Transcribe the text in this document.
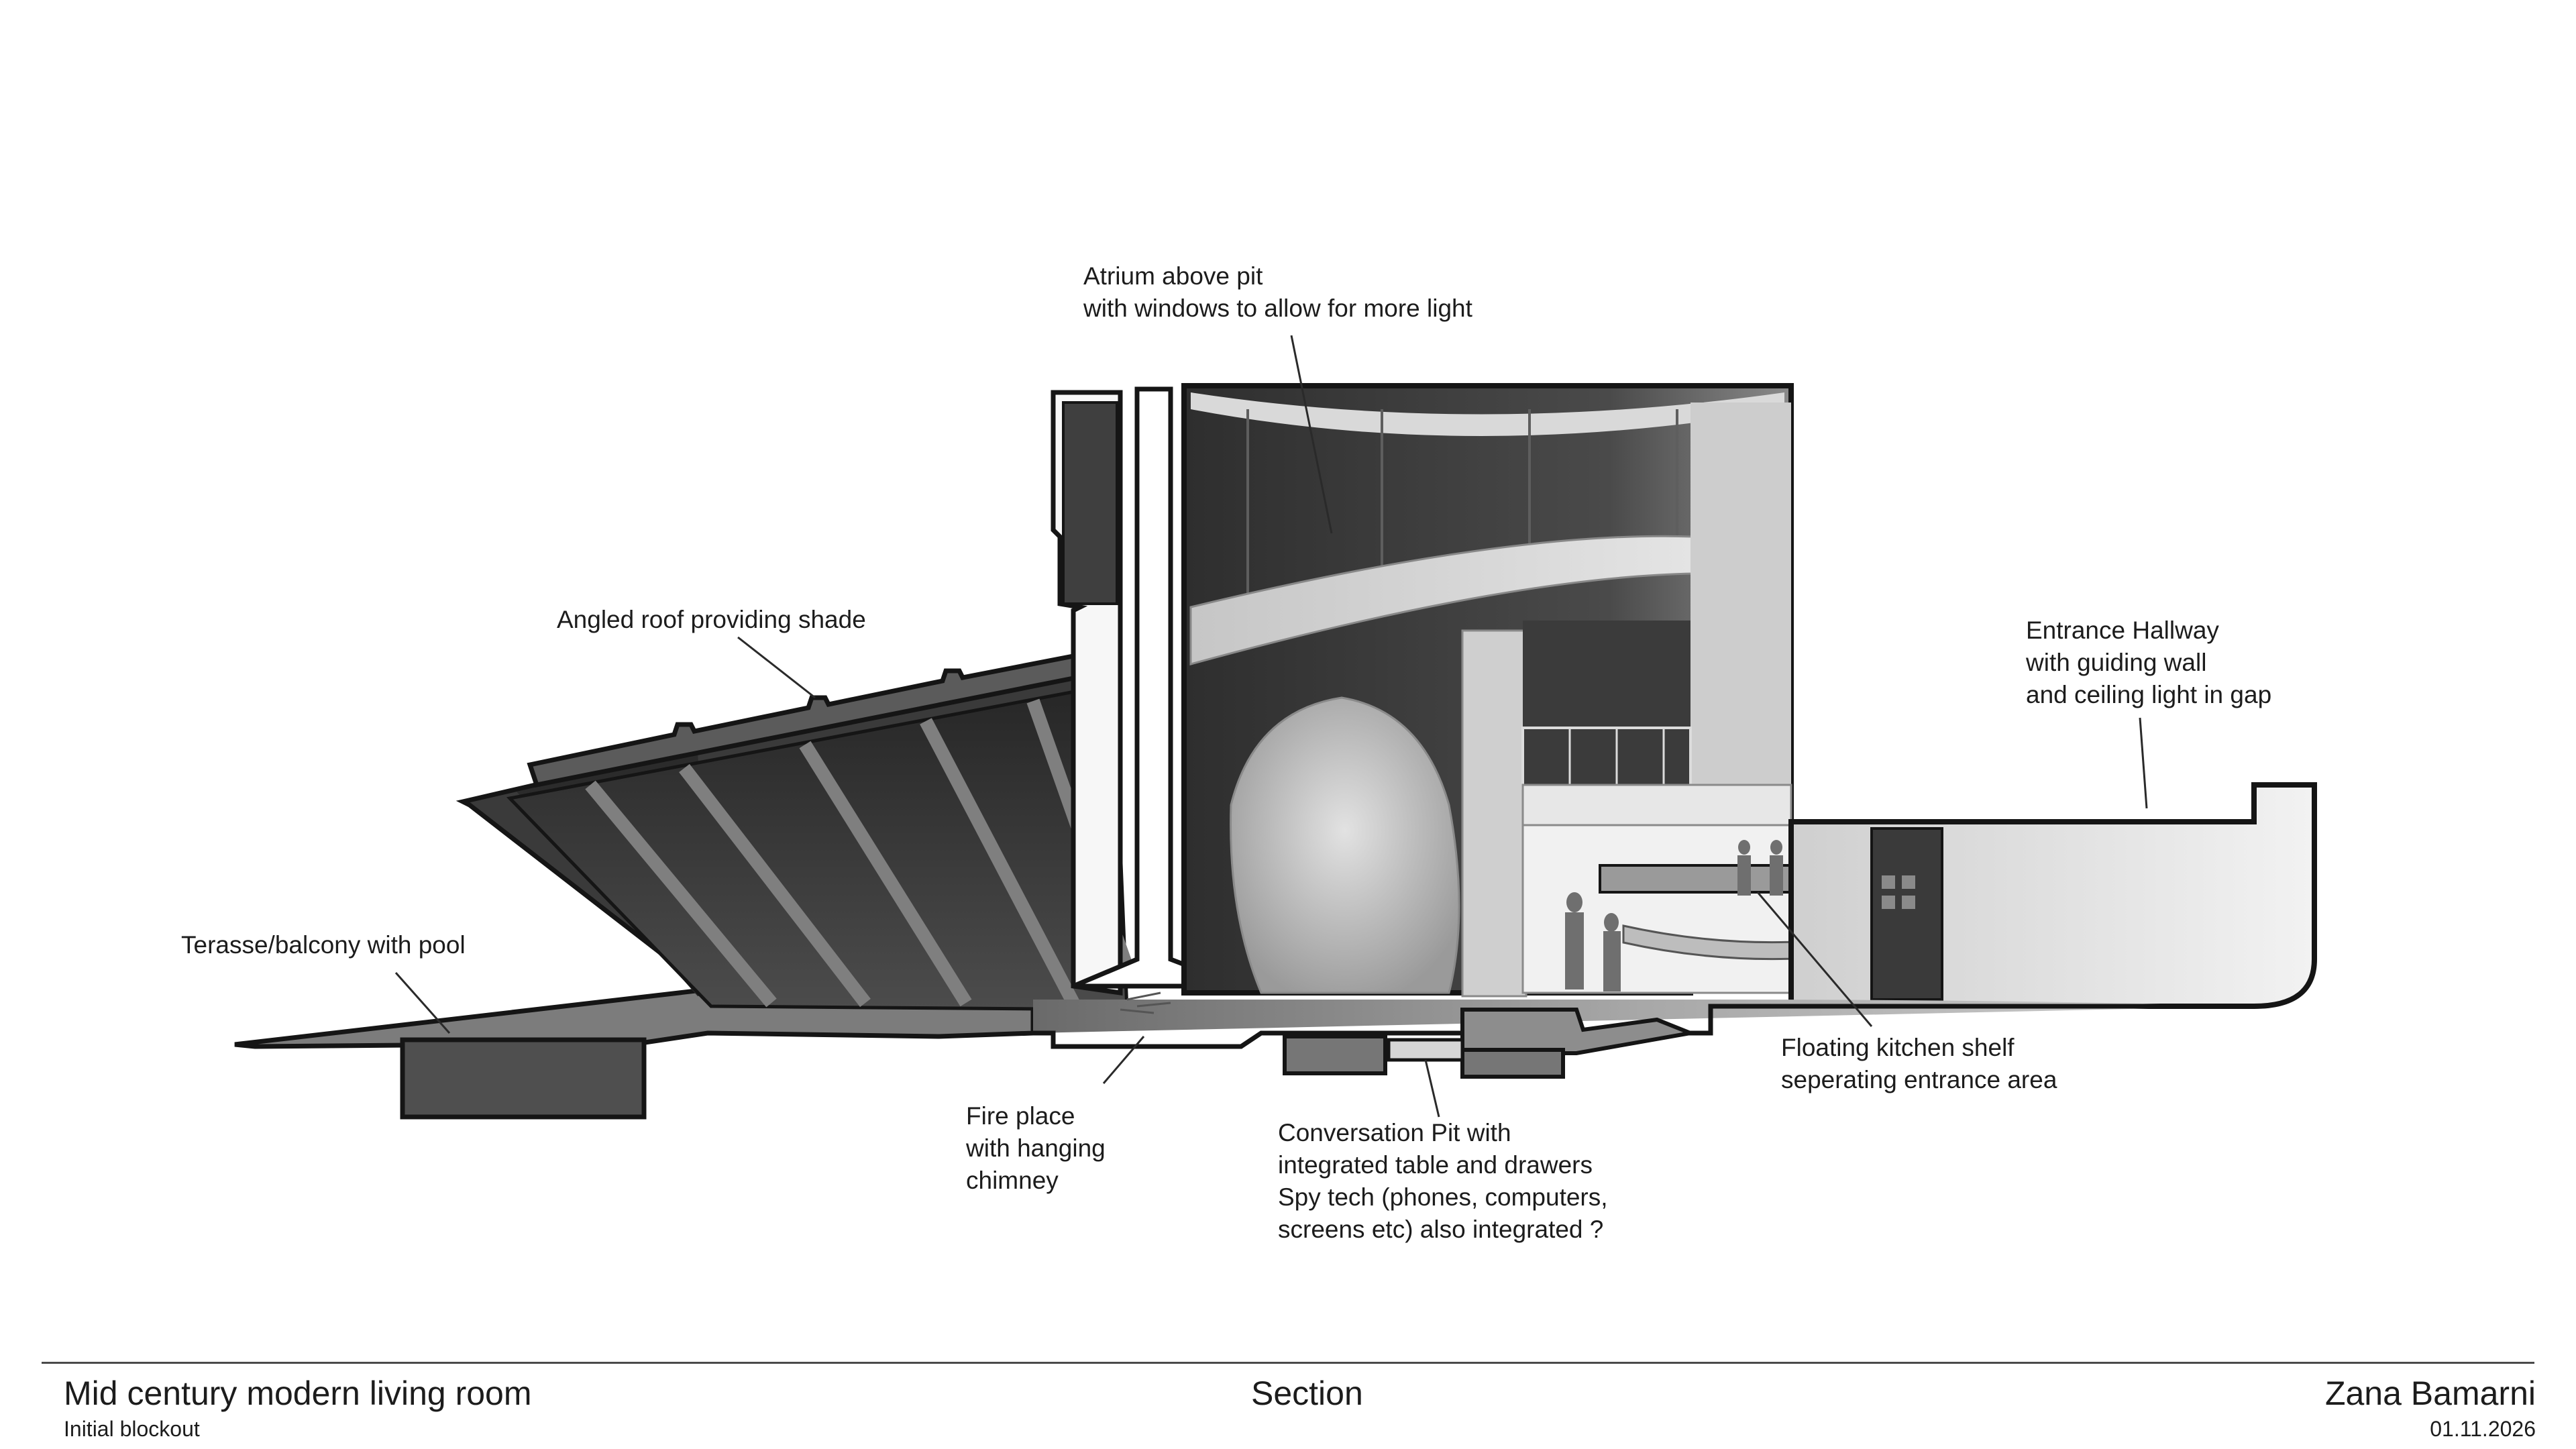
Atrium above pit
with windows to allow for more light
Angled roof providing shade	Entrance Hallway
with guiding wall
and ceiling light in gap
Terasse/balcony with pool
Fire place
with hanging
chimney
Conversation Pit with
integrated table and drawers
Spy tech (phones, computers,
screens etc) also integrated ?
Floating kitchen shelf
seperating entrance area
Mid century modern living room
Initial blockout
Section	Zana Bamarni
01.11.2026
